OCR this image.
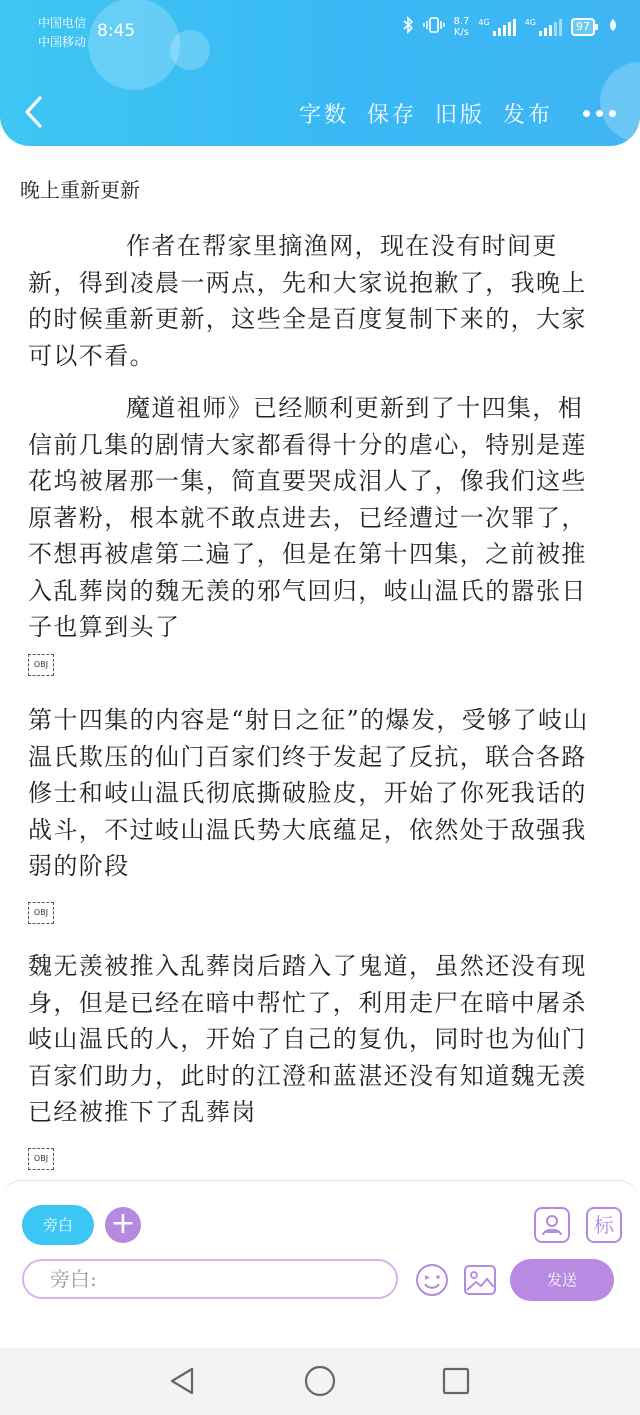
中国电信
中国移动
8:45	8.7
K/s
4G	4G	97
字数 保存 旧版 发布
晚上重新更新

作者在帮家里摘渔网，现在没有时间更新，得到凌晨一两点，先和大家说抱歉了，我晚上的时候重新更新，这些全是百度复制下来的，大家可以不看。

魔道祖师》已经顺利更新到了十四集，相信前几集的剧情大家都看得十分的虐心，特别是莲花坞被屠那一集，简直要哭成泪人了，像我们这些原著粉，根本就不敢点进去，已经遭过一次罪了，不想再被虐第二遍了，但是在第十四集，之前被推入乱葬岗的魏无羡的邪气回归，岐山温氏的嚣张日子也算到头了

OBJ

第十四集的内容是“射日之征”的爆发，受够了岐山温氏欺压的仙门百家们终于发起了反抗，联合各路修士和岐山温氏彻底撕破脸皮，开始了你死我话的战斗，不过岐山温氏势大底蕴足，依然处于敌强我弱的阶段

OBJ

魏无羡被推入乱葬岗后踏入了鬼道，虽然还没有现身，但是已经在暗中帮忙了，利用走尸在暗中屠杀岐山温氏的人，开始了自己的复仇，同时也为仙门百家们助力，此时的江澄和蓝湛还没有知道魏无羡已经被推下了乱葬岗

OBJ
旁白	+	标
旁白:
发送
